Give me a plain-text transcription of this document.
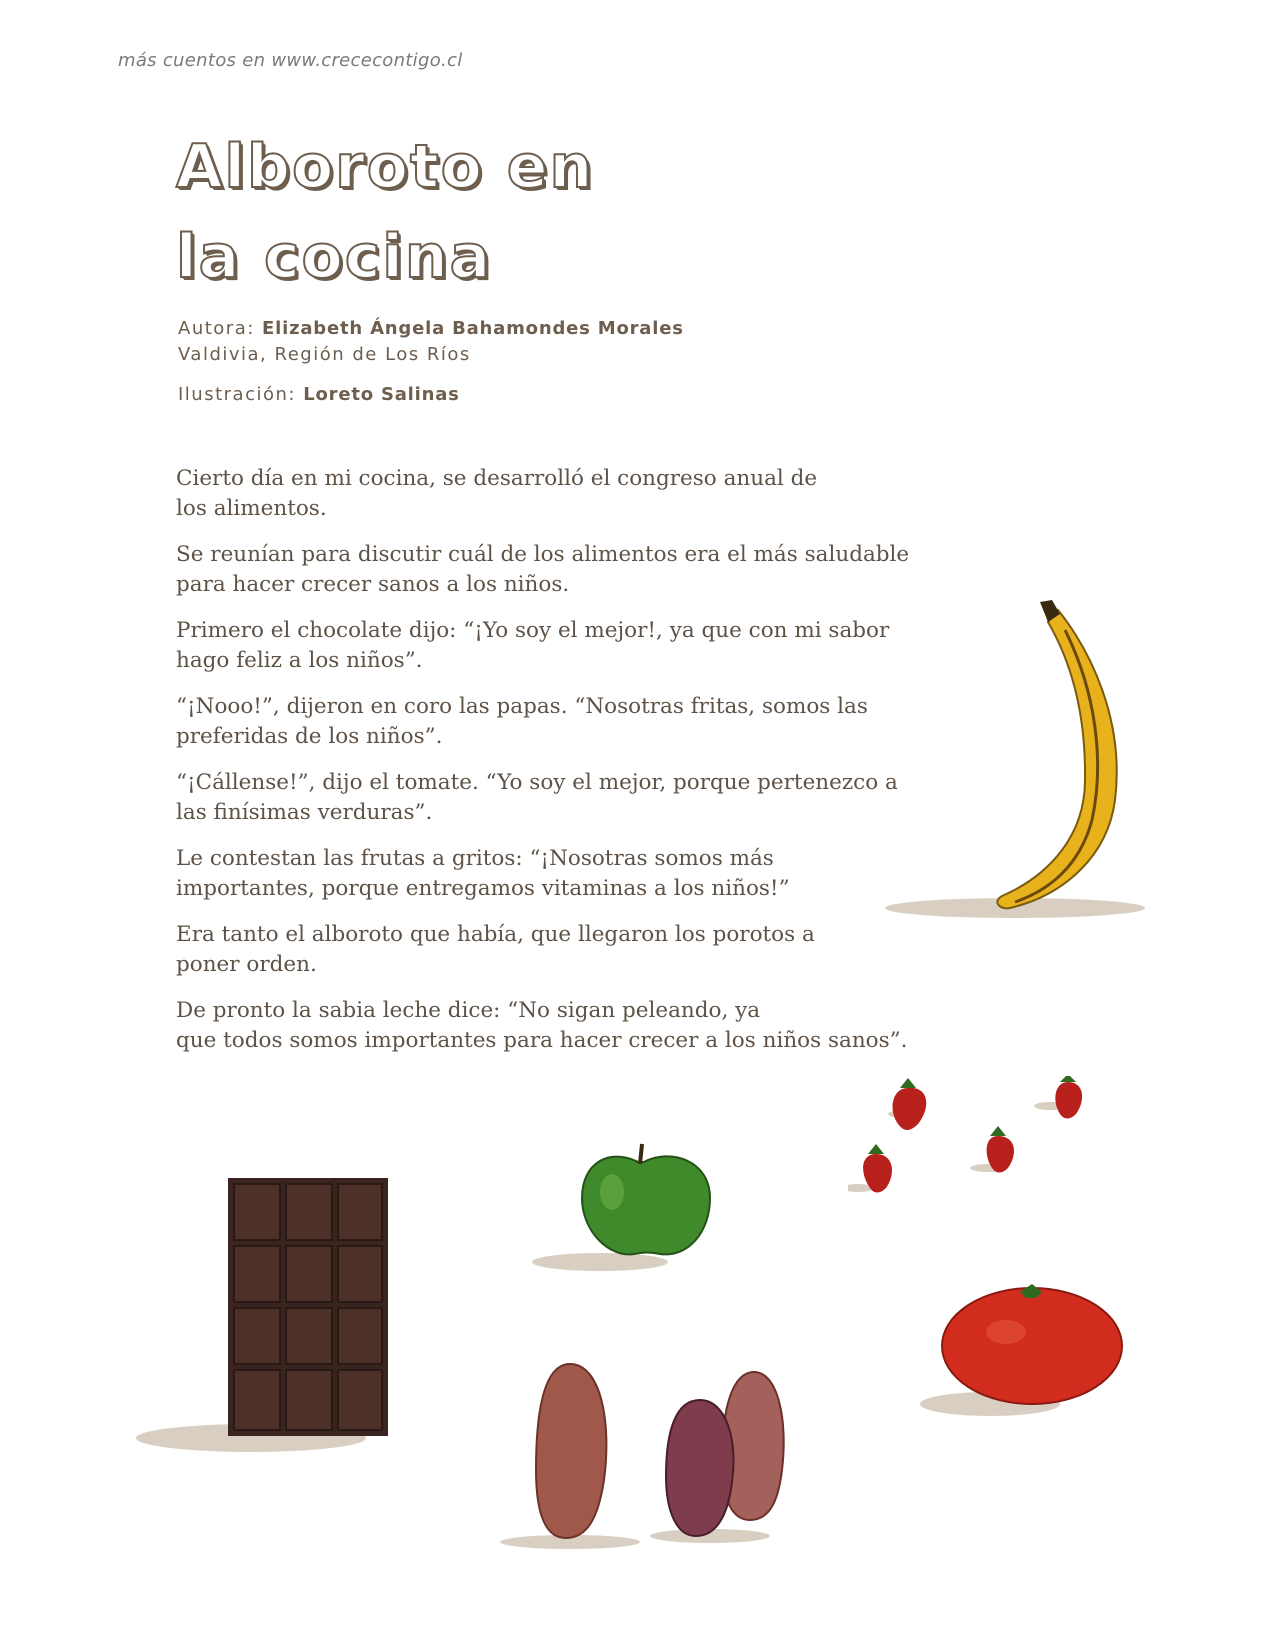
más cuentos en www.crececontigo.cl
Alboroto en
la cocina
Autora: Elizabeth Ángela Bahamondes Morales
Valdivia, Región de Los Ríos
Ilustración: Loreto Salinas

Cierto día en mi cocina, se desarrolló el congreso anual de
los alimentos.

Se reunían para discutir cuál de los alimentos era el más saludable
para hacer crecer sanos a los niños.

Primero el chocolate dijo: “¡Yo soy el mejor!, ya que con mi sabor
hago feliz a los niños”.

“¡Nooo!”, dijeron en coro las papas. “Nosotras fritas, somos las
preferidas de los niños”.

“¡Cállense!”, dijo el tomate. “Yo soy el mejor, porque pertenezco a
las finísimas verduras”.

Le contestan las frutas a gritos: “¡Nosotras somos más
importantes, porque entregamos vitaminas a los niños!”

Era tanto el alboroto que había, que llegaron los porotos a
poner orden.

De pronto la sabia leche dice: “No sigan peleando, ya
que todos somos importantes para hacer crecer a los niños sanos”.
